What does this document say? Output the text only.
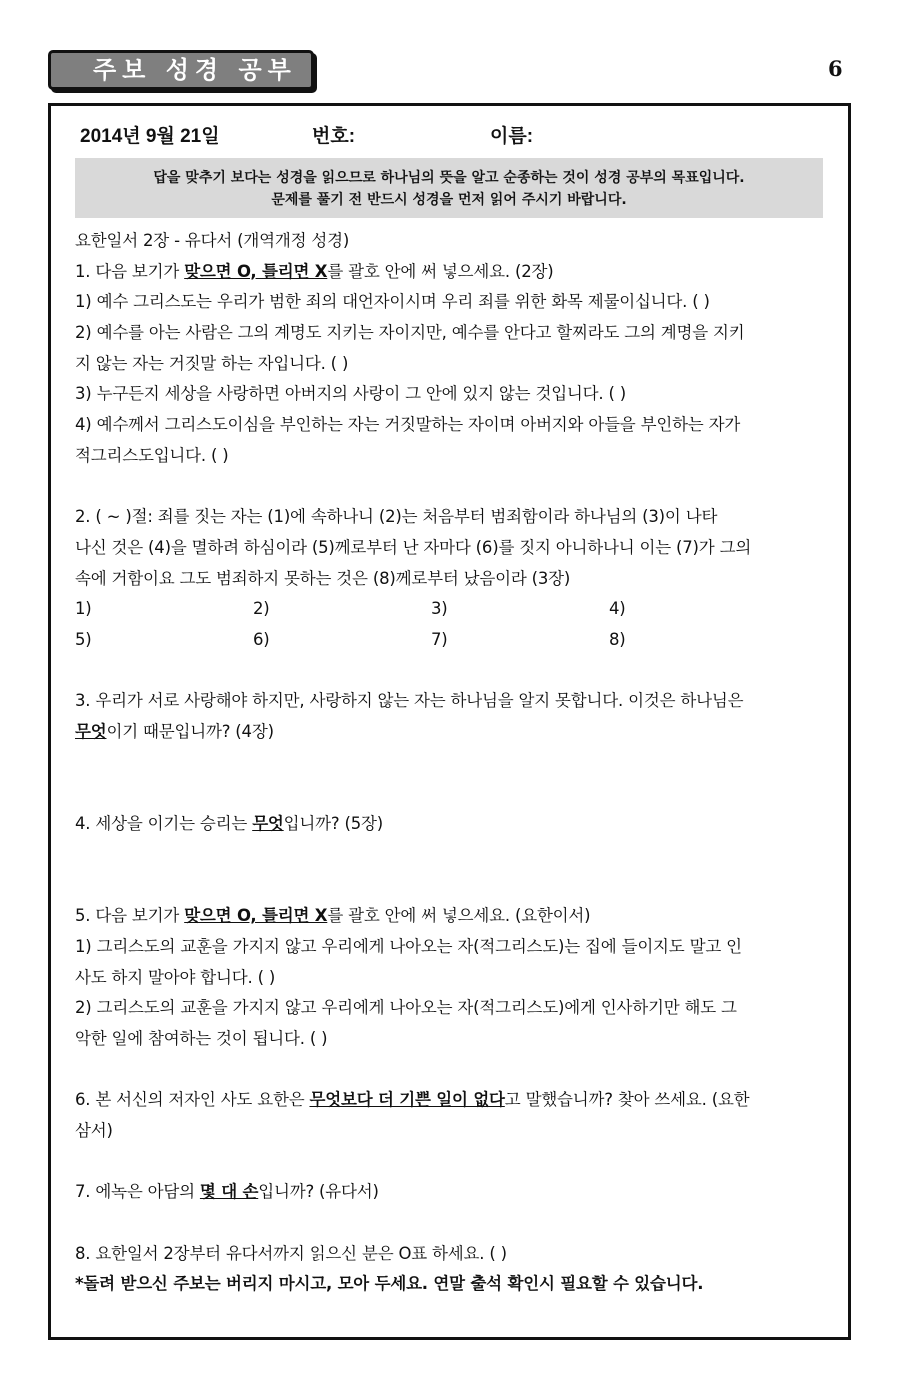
주보 성경 공부	6
2014년 9월 21일	번호:	이름:
답을 맞추기 보다는 성경을 읽으므로 하나님의 뜻을 알고 순종하는 것이 성경 공부의 목표입니다.
문제를 풀기 전 반드시 성경을 먼저 읽어 주시기 바랍니다.
요한일서 2장 - 유다서 (개역개정 성경)
1. 다음 보기가 맞으면 O, 틀리면 X를 괄호 안에 써 넣으세요. (2장)
1) 예수 그리스도는 우리가 범한 죄의 대언자이시며 우리 죄를 위한 화목 제물이십니다. ( )
2) 예수를 아는 사람은 그의 계명도 지키는 자이지만, 예수를 안다고 할찌라도 그의 계명을 지키
지 않는 자는 거짓말 하는 자입니다. ( )
3) 누구든지 세상을 사랑하면 아버지의 사랑이 그 안에 있지 않는 것입니다. ( )
4) 예수께서 그리스도이심을 부인하는 자는 거짓말하는 자이며 아버지와 아들을 부인하는 자가
적그리스도입니다. ( )
2. ( ~ )절: 죄를 짓는 자는 (1)에 속하나니 (2)는 처음부터 범죄함이라 하나님의 (3)이 나타
나신 것은 (4)을 멸하려 하심이라 (5)께로부터 난 자마다 (6)를 짓지 아니하나니 이는 (7)가 그의
속에 거함이요 그도 범죄하지 못하는 것은 (8)께로부터 났음이라 (3장)
1)	2)	3)	4)
5)	6)	7)	8)
3. 우리가 서로 사랑해야 하지만, 사랑하지 않는 자는 하나님을 알지 못합니다. 이것은 하나님은
무엇이기 때문입니까? (4장)
4. 세상을 이기는 승리는 무엇입니까? (5장)
5. 다음 보기가 맞으면 O, 틀리면 X를 괄호 안에 써 넣으세요. (요한이서)
1) 그리스도의 교훈을 가지지 않고 우리에게 나아오는 자(적그리스도)는 집에 들이지도 말고 인
사도 하지 말아야 합니다. ( )
2) 그리스도의 교훈을 가지지 않고 우리에게 나아오는 자(적그리스도)에게 인사하기만 해도 그
악한 일에 참여하는 것이 됩니다. ( )
6. 본 서신의 저자인 사도 요한은 무엇보다 더 기쁜 일이 없다고 말했습니까? 찾아 쓰세요. (요한
삼서)
7. 에녹은 아담의 몇 대 손입니까? (유다서)
8. 요한일서 2장부터 유다서까지 읽으신 분은 O표 하세요. ( )
*돌려 받으신 주보는 버리지 마시고, 모아 두세요. 연말 출석 확인시 필요할 수 있습니다.
